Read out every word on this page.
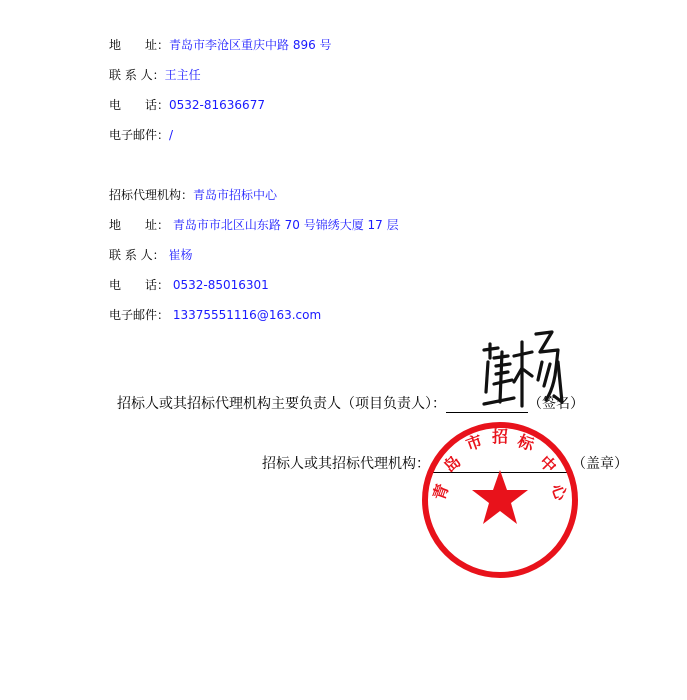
地　　址：青岛市李沧区重庆中路 896 号
联 系 人：王主任
电　　话：0532-81636677
电子邮件：/
招标代理机构：青岛市招标中心
地　　址： 青岛市市北区山东路 70 号锦绣大厦 17 层
联 系 人： 崔杨
电　　话： 0532-85016301
电子邮件： 13375551116@163.com
招标人或其招标代理机构主要负责人（项目负责人）：	（签名）
招标人或其招标代理机构：	（盖章）
青
岛
市 招 标
中
心
